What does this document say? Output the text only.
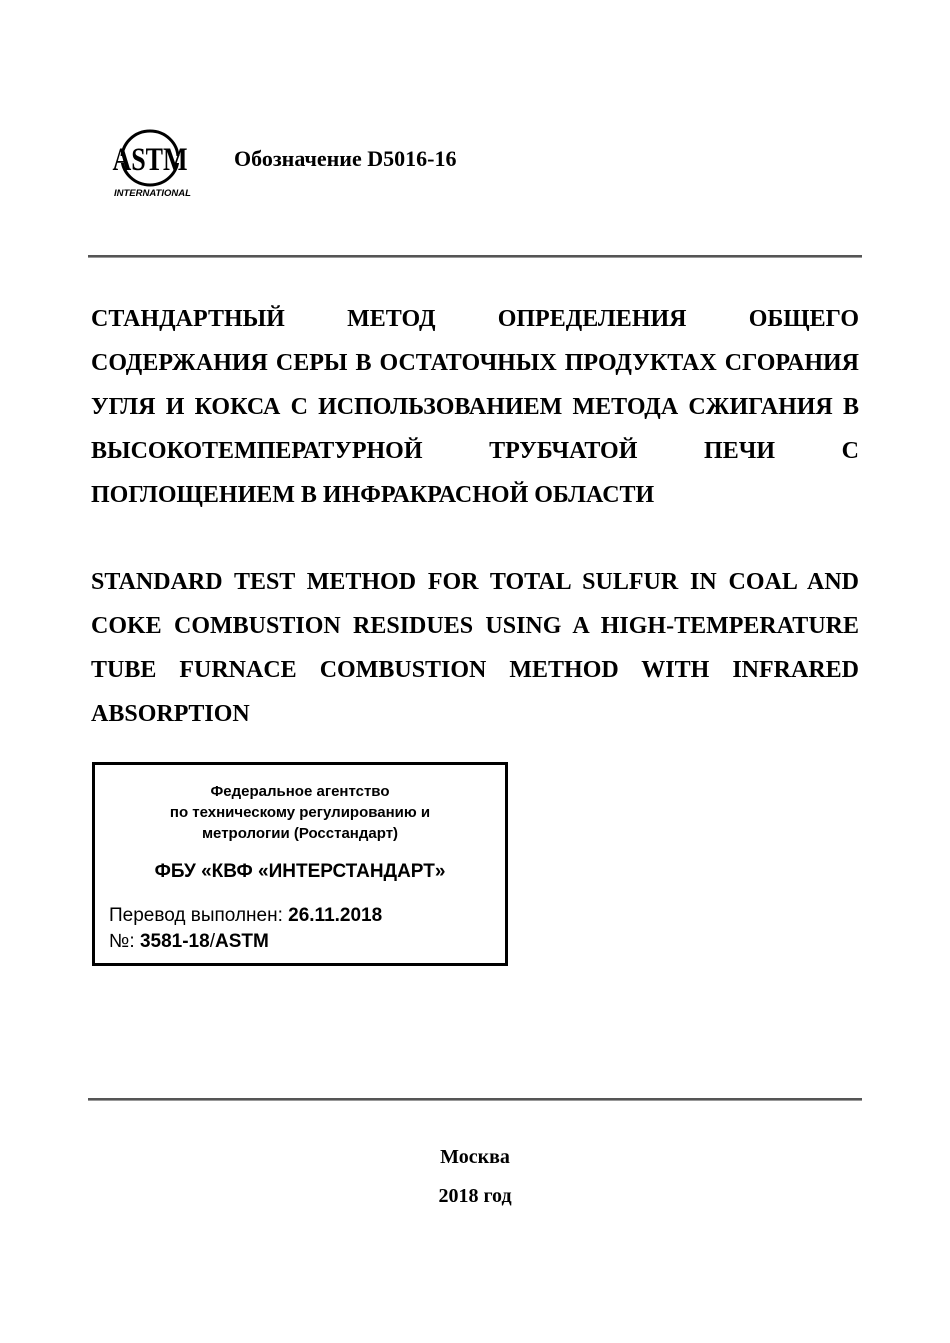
ASTM
INTERNATIONAL
Обозначение D5016-16

СТАНДАРТНЫЙ МЕТОД ОПРЕДЕЛЕНИЯ ОБЩЕГО СОДЕРЖАНИЯ СЕРЫ В ОСТАТОЧНЫХ ПРОДУКТАХ СГОРАНИЯ УГЛЯ И КОКСА С ИСПОЛЬЗОВАНИЕМ МЕТОДА СЖИГАНИЯ В ВЫСОКОТЕМПЕРАТУРНОЙ ТРУБЧАТОЙ ПЕЧИ С ПОГЛОЩЕНИЕМ В ИНФРАКРАСНОЙ ОБЛАСТИ

STANDARD TEST METHOD FOR TOTAL SULFUR IN COAL AND COKE COMBUSTION RESIDUES USING A HIGH-TEMPERATURE TUBE FURNACE COMBUSTION METHOD WITH INFRARED ABSORPTION

Федеральное агентство
по техническому регулированию и
метрологии (Росстандарт)
ФБУ «КВФ «ИНТЕРСТАНДАРТ»
Перевод выполнен: 26.11.2018
№: 3581-18/ASTM
Москва
2018 год
